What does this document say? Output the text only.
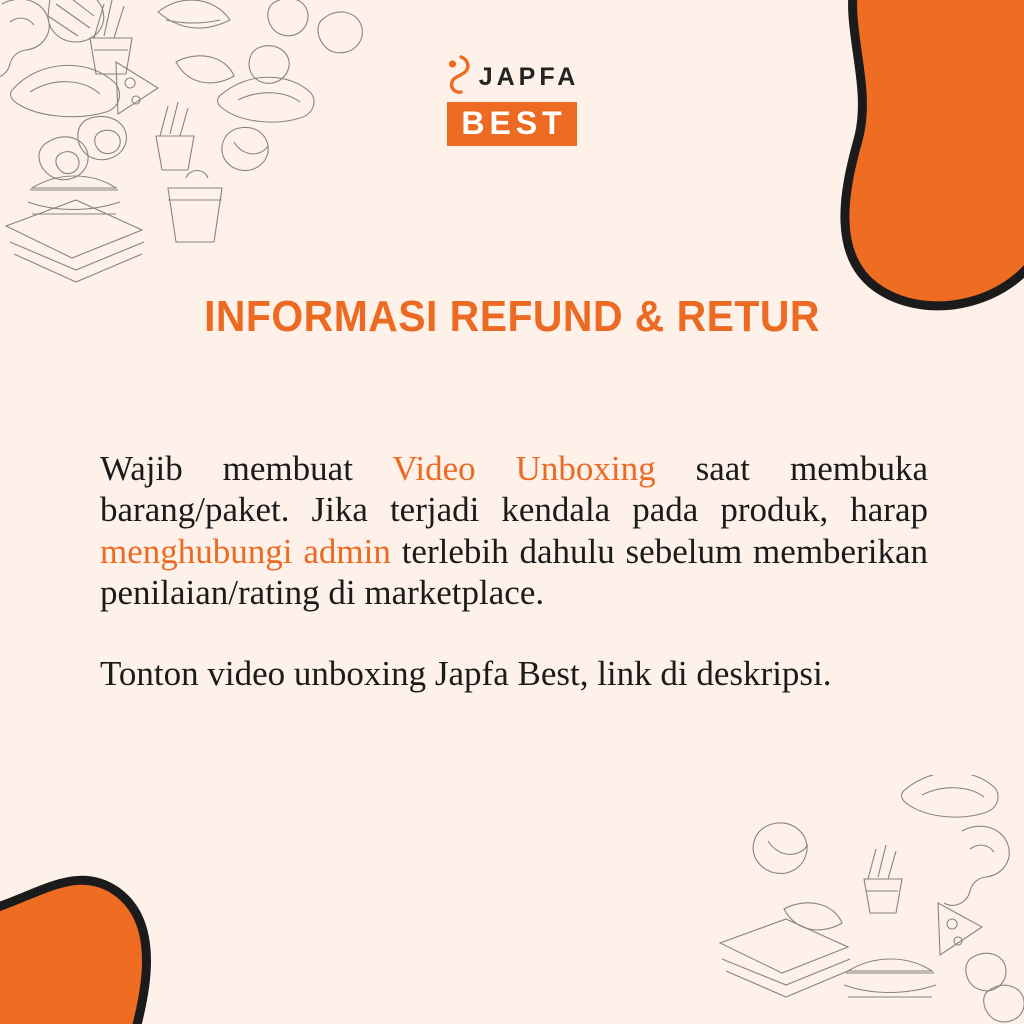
JAPFA
BEST
INFORMASI REFUND & RETUR

Wajib membuat Video Unboxing saat membuka barang/paket. Jika terjadi kendala pada produk, harap menghubungi admin terlebih dahulu sebelum memberikan penilaian/rating di marketplace.

Tonton video unboxing Japfa Best, link di deskripsi.
